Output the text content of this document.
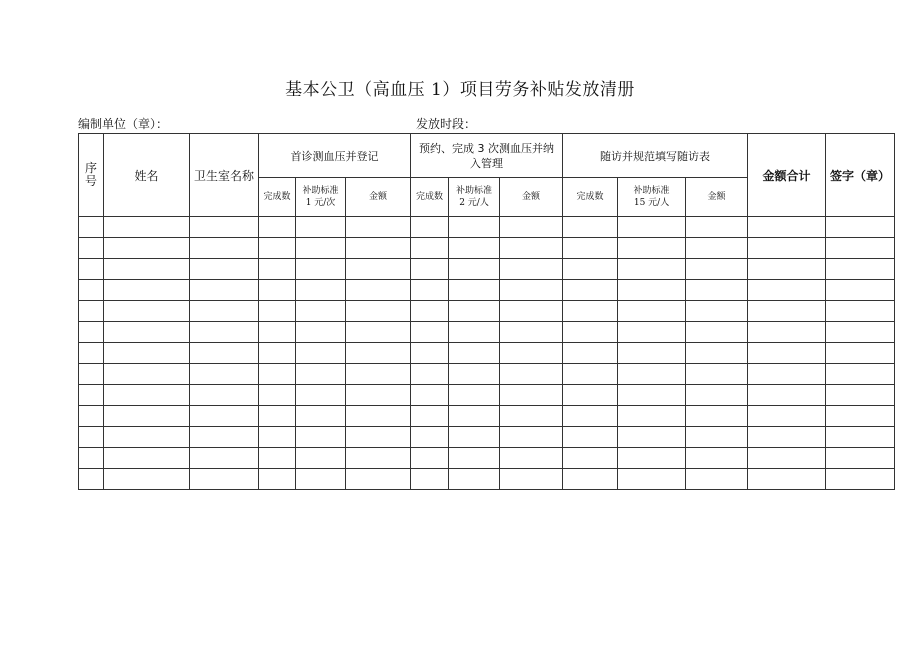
基本公卫（高血压 1）项目劳务补贴发放清册
编制单位（章）：	发放时段：
序号	姓名	卫生室名称	首诊测血压并登记			预约、完成 3 次测血压并纳入管理			随访并规范填写随访表			金额合计	签字（章）
			完成数	补助标准 1 元/次	金额	完成数	补助标准 2 元/人	金额	完成数	补助标准 15 元/人	金额		
